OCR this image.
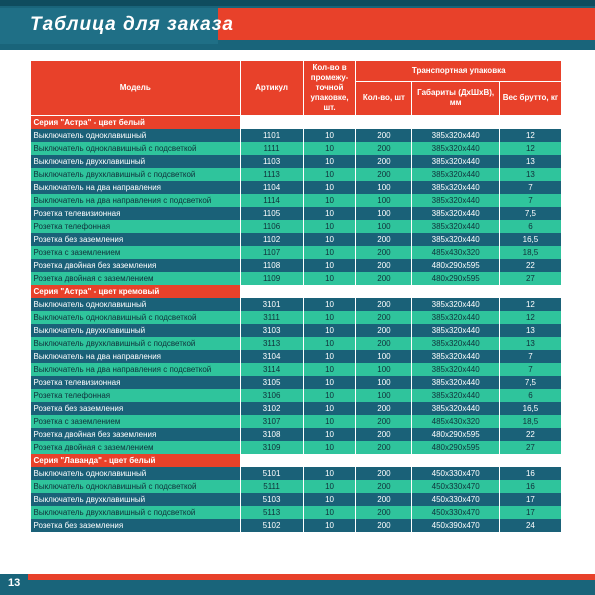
Таблица для заказа
Модель	Артикул	Кол-во в промежу-точной упаковке, шт.	Транспортная упаковка		
			Кол-во, шт	Габариты (ДхШхВ), мм	Вес брутто, кг
Серия "Астра" - цвет белый					
Выключатель одноклавишный	1101	10	200	385x320x440	12
Выключатель одноклавишный с подсветкой	1111	10	200	385x320x440	12
Выключатель двухклавишный	1103	10	200	385x320x440	13
Выключатель двухклавишный с подсветкой	1113	10	200	385x320x440	13
Выключатель на два направления	1104	10	100	385x320x440	7
Выключатель на два направления с подсветкой	1114	10	100	385x320x440	7
Розетка телевизионная	1105	10	100	385x320x440	7,5
Розетка телефонная	1106	10	100	385x320x440	6
Розетка без заземления	1102	10	200	385x320x440	16,5
Розетка с заземлением	1107	10	200	485x430x320	18,5
Розетка двойная без заземления	1108	10	200	480x290x595	22
Розетка двойная с заземлением	1109	10	200	480x290x595	27
Серия "Астра" - цвет кремовый					
Выключатель одноклавишный	3101	10	200	385x320x440	12
Выключатель одноклавишный с подсветкой	3111	10	200	385x320x440	12
Выключатель двухклавишный	3103	10	200	385x320x440	13
Выключатель двухклавишный с подсветкой	3113	10	200	385x320x440	13
Выключатель на два направления	3104	10	100	385x320x440	7
Выключатель на два направления с подсветкой	3114	10	100	385x320x440	7
Розетка телевизионная	3105	10	100	385x320x440	7,5
Розетка телефонная	3106	10	100	385x320x440	6
Розетка без заземления	3102	10	200	385x320x440	16,5
Розетка с заземлением	3107	10	200	485x430x320	18,5
Розетка двойная без заземления	3108	10	200	480x290x595	22
Розетка двойная с заземлением	3109	10	200	480x290x595	27
Серия "Лаванда" - цвет белый					
Выключатель одноклавишный	5101	10	200	450x330x470	16
Выключатель одноклавишный с подсветкой	5111	10	200	450x330x470	16
Выключатель двухклавишный	5103	10	200	450x330x470	17
Выключатель двухклавишный с подсветкой	5113	10	200	450x330x470	17
Розетка без заземления	5102	10	200	450x390x470	24
13
